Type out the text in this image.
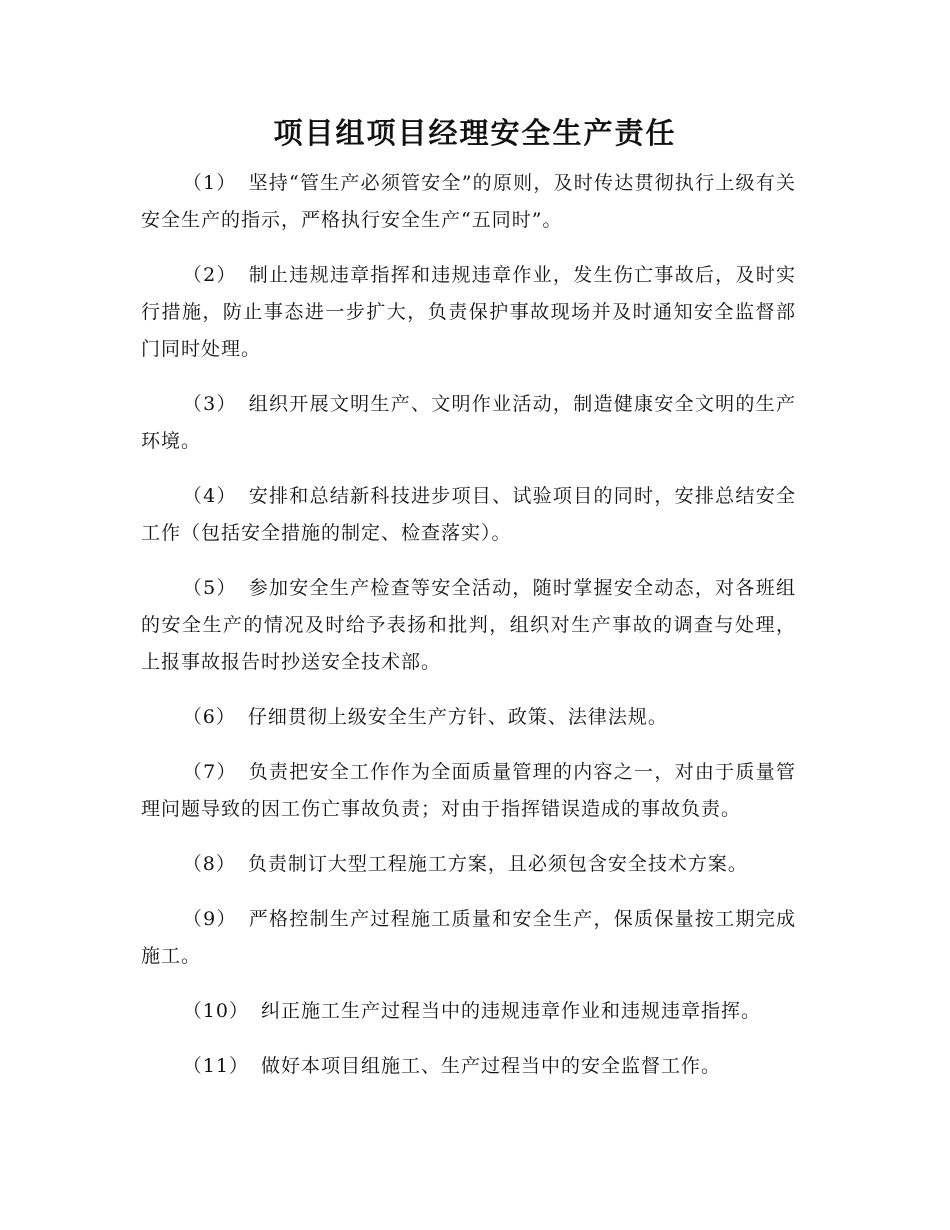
项目组项目经理安全生产责任

（1） 坚持“管生产必须管安全”的原则，及时传达贯彻执行上级有关安全生产的指示，严格执行安全生产“五同时”。

（2） 制止违规违章指挥和违规违章作业，发生伤亡事故后，及时实行措施，防止事态进一步扩大，负责保护事故现场并及时通知安全监督部门同时处理。

（3） 组织开展文明生产、文明作业活动，制造健康安全文明的生产环境。

（4） 安排和总结新科技进步项目、试验项目的同时，安排总结安全工作（包括安全措施的制定、检查落实）。

（5） 参加安全生产检查等安全活动，随时掌握安全动态，对各班组的安全生产的情况及时给予表扬和批判，组织对生产事故的调查与处理，上报事故报告时抄送安全技术部。

（6） 仔细贯彻上级安全生产方针、政策、法律法规。

（7） 负责把安全工作作为全面质量管理的内容之一，对由于质量管理问题导致的因工伤亡事故负责；对由于指挥错误造成的事故负责。

（8） 负责制订大型工程施工方案，且必须包含安全技术方案。

（9） 严格控制生产过程施工质量和安全生产，保质保量按工期完成施工。

（10） 纠正施工生产过程当中的违规违章作业和违规违章指挥。

（11） 做好本项目组施工、生产过程当中的安全监督工作。
